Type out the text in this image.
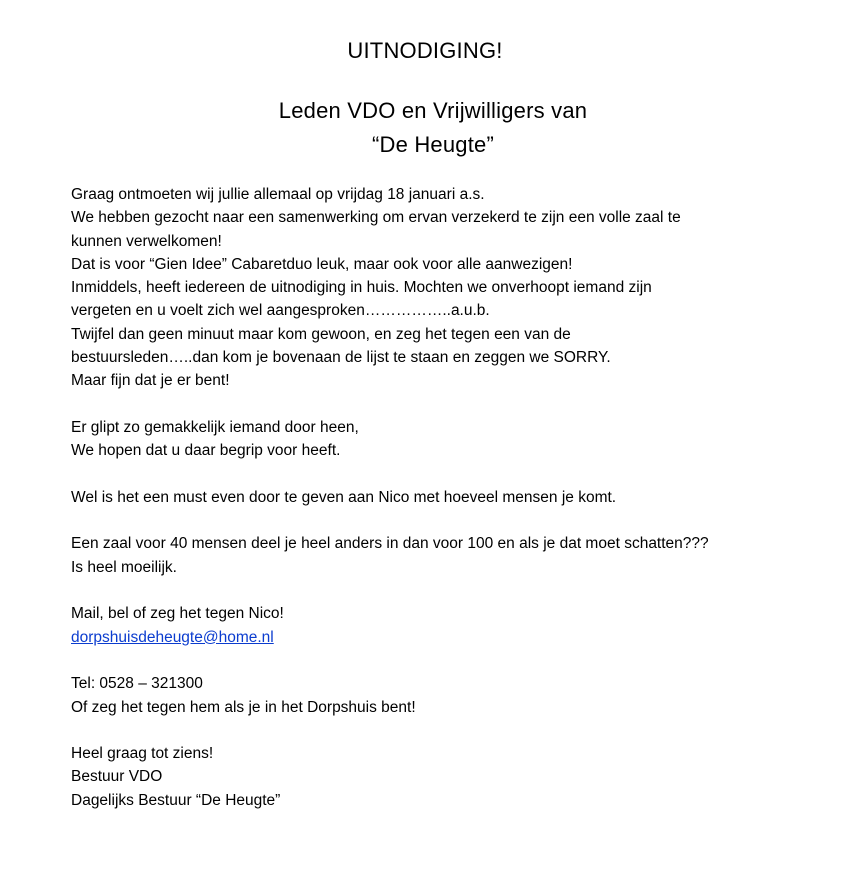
UITNODIGING!
Leden VDO en Vrijwilligers van
“De Heugte”
Graag ontmoeten wij jullie allemaal op vrijdag 18 januari a.s.
We hebben gezocht naar een samenwerking om ervan verzekerd te zijn een volle zaal te
kunnen verwelkomen!
Dat is voor “Gien Idee” Cabaretduo leuk, maar ook voor alle aanwezigen!
Inmiddels, heeft iedereen de uitnodiging in huis. Mochten we onverhoopt iemand zijn
vergeten en u voelt zich wel aangesproken……………..a.u.b.
Twijfel dan geen minuut maar kom gewoon, en zeg het tegen een van de
bestuursleden…..dan kom je bovenaan de lijst te staan en zeggen we SORRY.
Maar fijn dat je er bent!
Er glipt zo gemakkelijk iemand door heen,
We hopen dat u daar begrip voor heeft.
Wel is het een must even door te geven aan Nico met hoeveel mensen je komt.
Een zaal voor 40 mensen deel je heel anders in dan voor 100 en als je dat moet schatten???
Is heel moeilijk.
Mail, bel of zeg het tegen Nico!
dorpshuisdeheugte@home.nl
Tel: 0528 – 321300
Of zeg het tegen hem als je in het Dorpshuis bent!
Heel graag tot ziens!
Bestuur VDO
Dagelijks Bestuur “De Heugte”
